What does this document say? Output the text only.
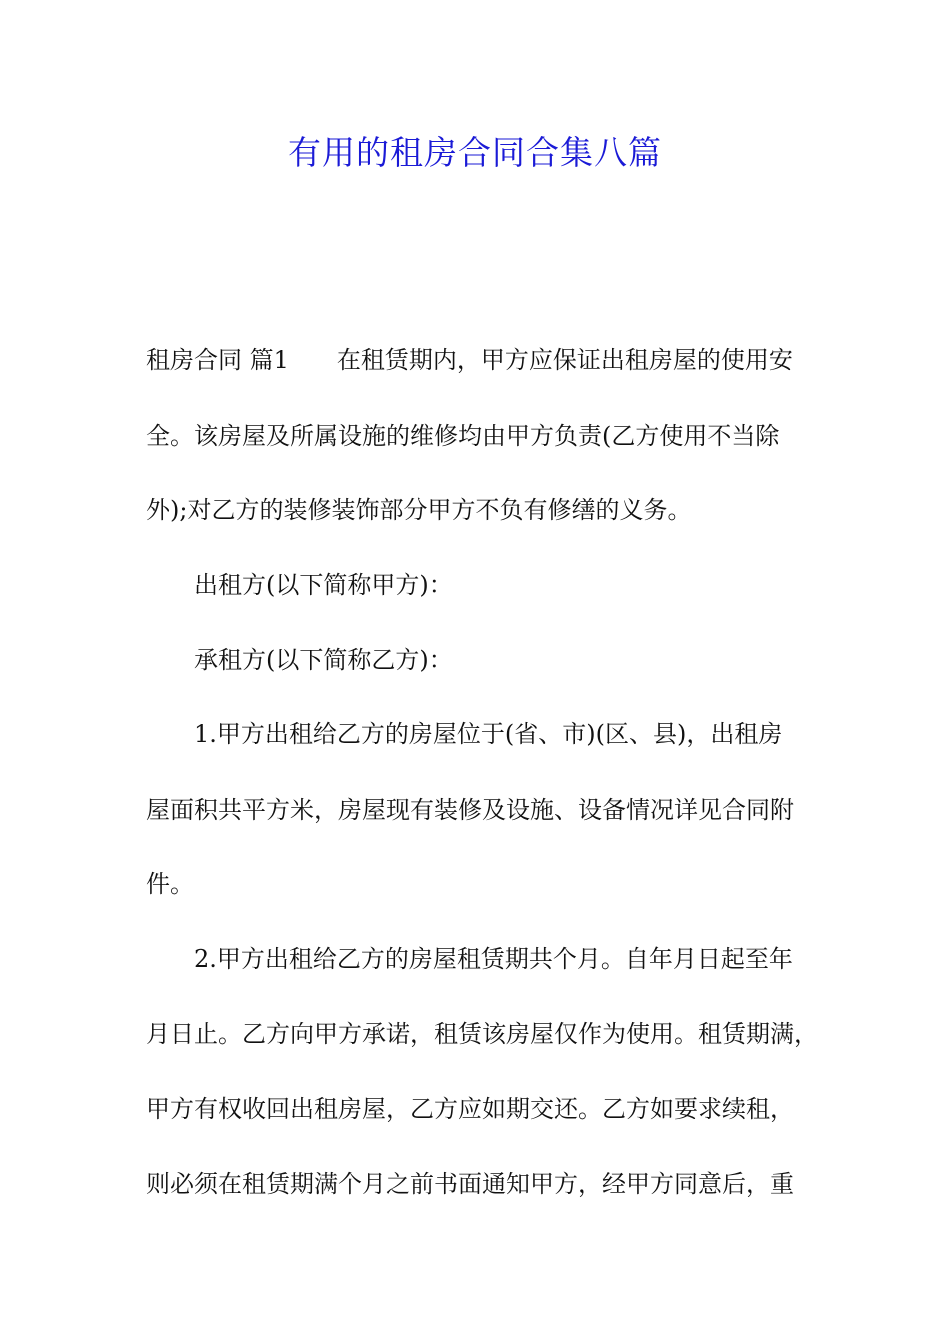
有用的租房合同合集八篇
租房合同 篇1　　在租赁期内，甲方应保证出租房屋的使用安
全。该房屋及所属设施的维修均由甲方负责(乙方使用不当除
外);对乙方的装修装饰部分甲方不负有修缮的义务。
出租方(以下简称甲方)：
承租方(以下简称乙方)：
1.甲方出租给乙方的房屋位于(省、市)(区、县)，出租房
屋面积共平方米，房屋现有装修及设施、设备情况详见合同附
件。
2.甲方出租给乙方的房屋租赁期共个月。自年月日起至年
月日止。乙方向甲方承诺，租赁该房屋仅作为使用。租赁期满，
甲方有权收回出租房屋，乙方应如期交还。乙方如要求续租，
则必须在租赁期满个月之前书面通知甲方，经甲方同意后，重
